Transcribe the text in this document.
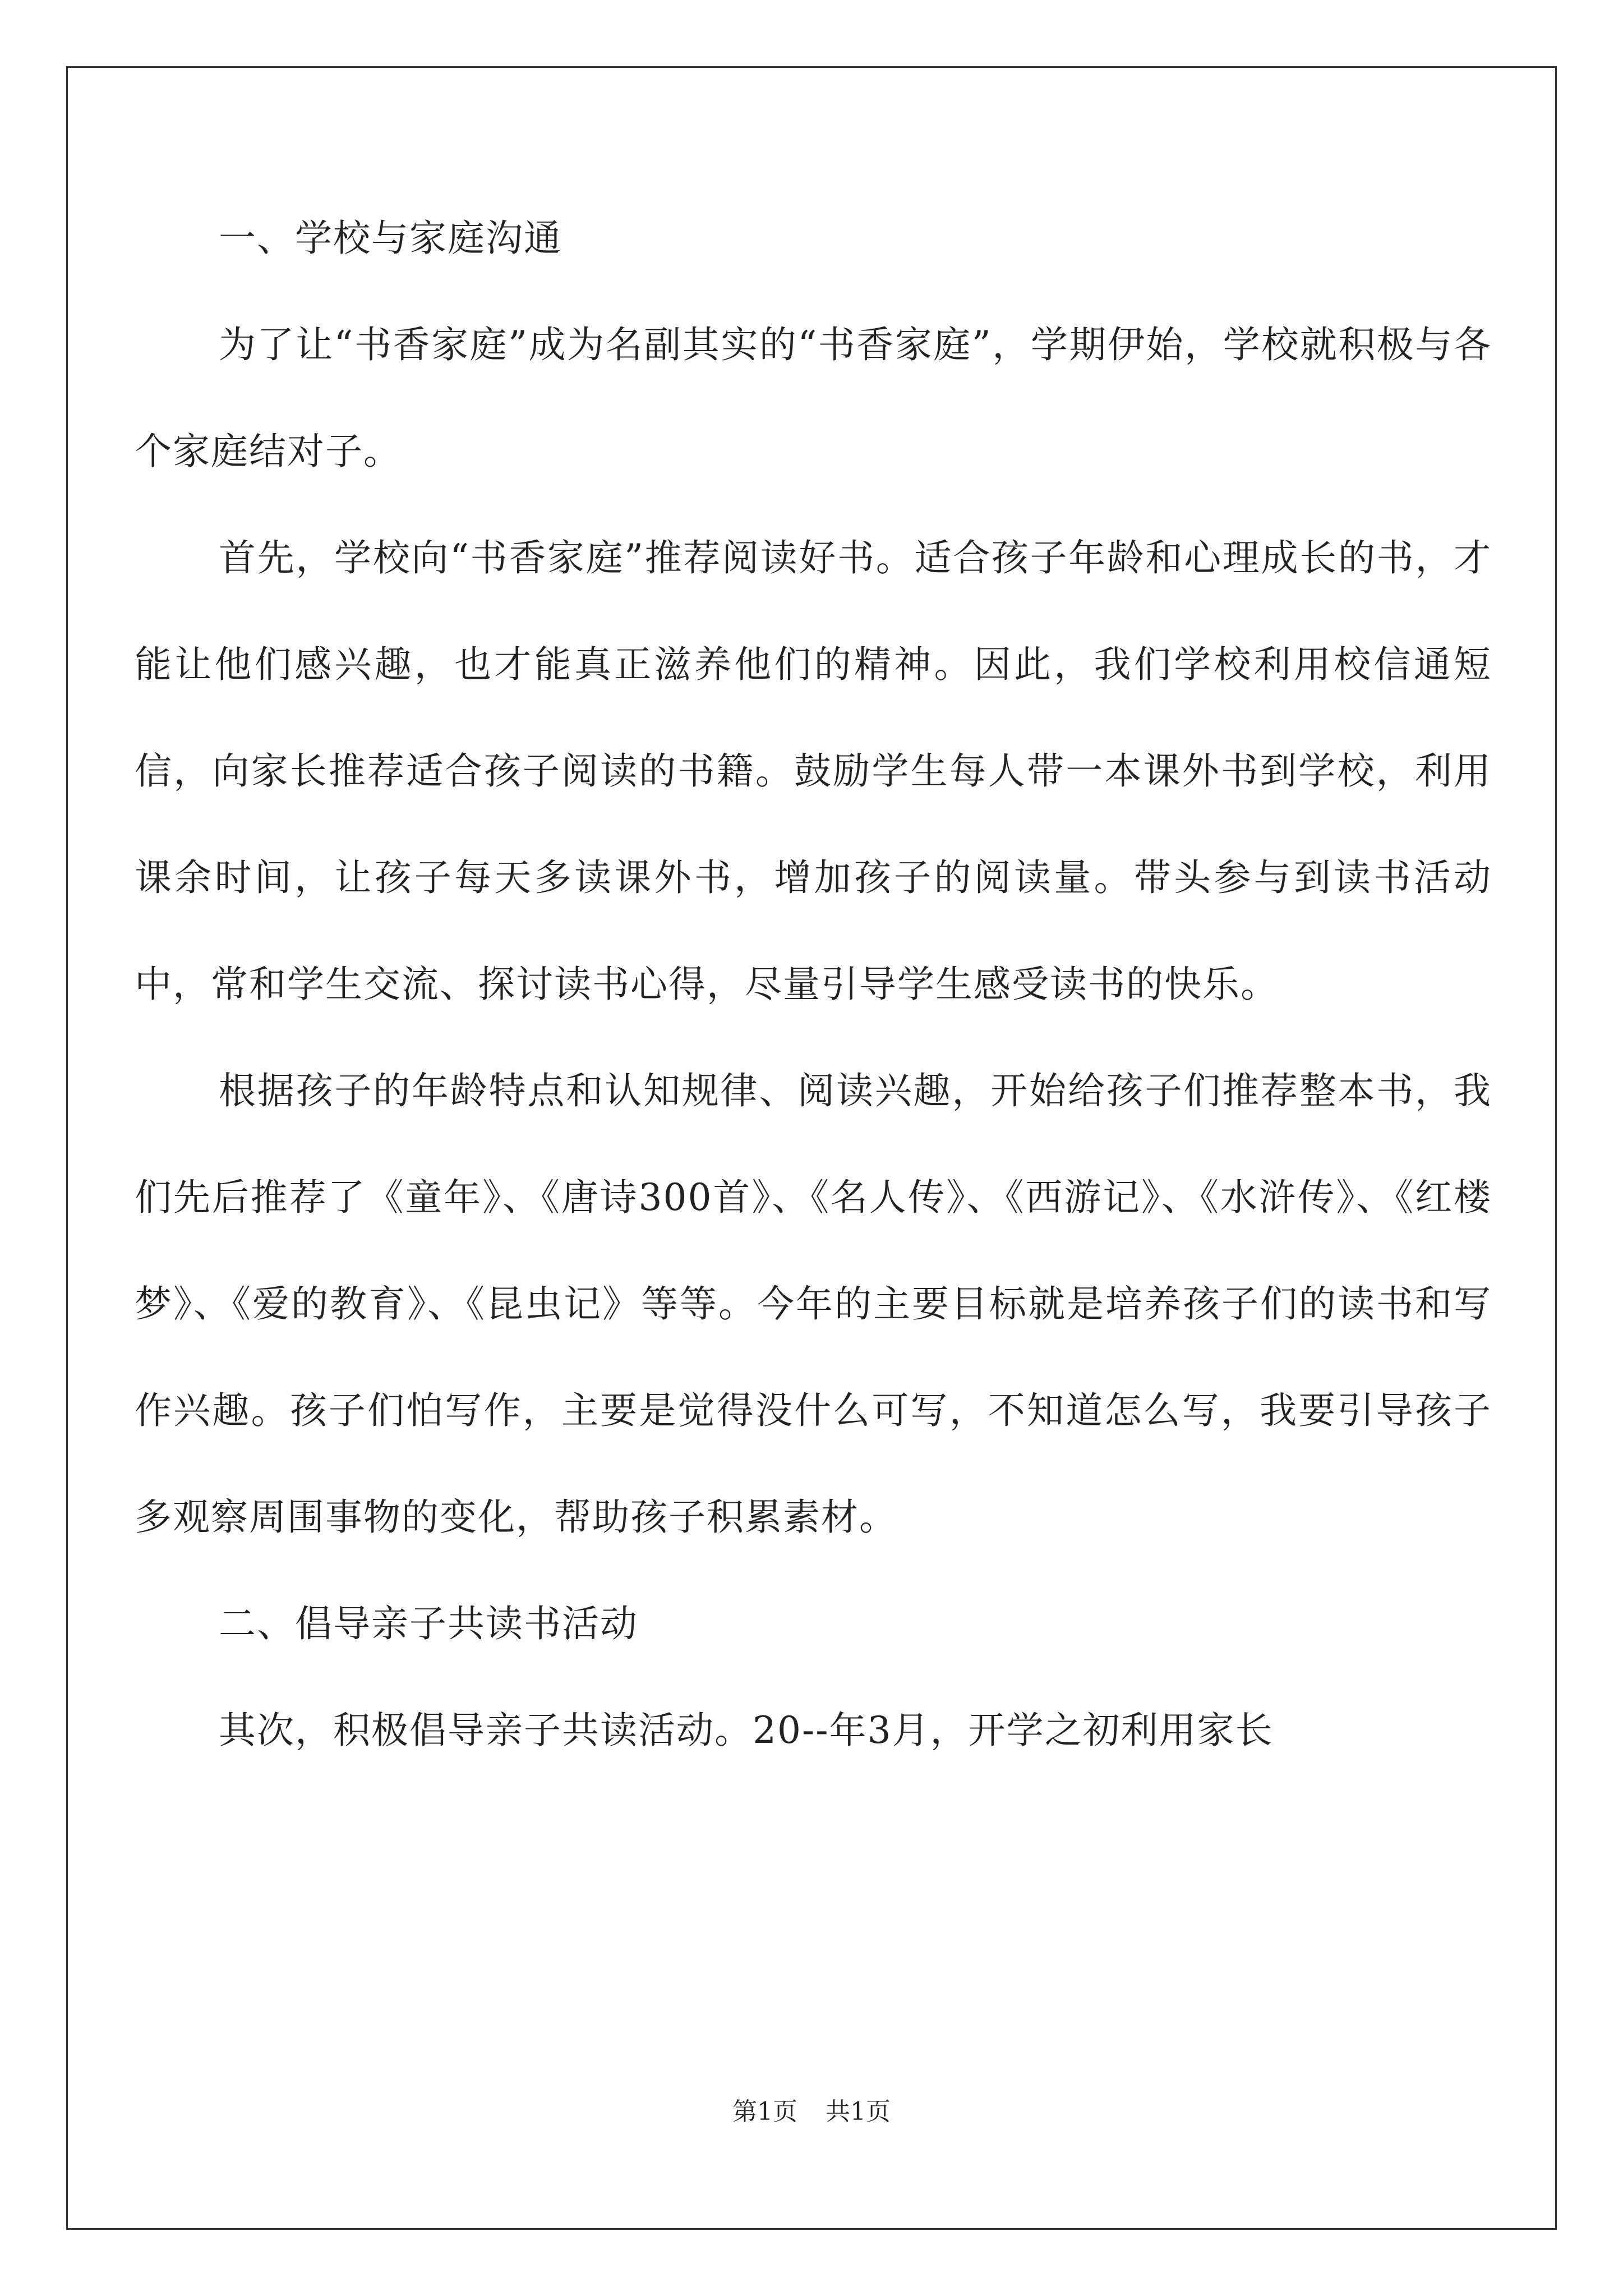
一、学校与家庭沟通

为了让“书香家庭”成为名副其实的“书香家庭”，学期伊始，学校就积极与各个家庭结对子。

首先，学校向“书香家庭”推荐阅读好书。适合孩子年龄和心理成长的书，才能让他们感兴趣，也才能真正滋养他们的精神。因此，我们学校利用校信通短信，向家长推荐适合孩子阅读的书籍。鼓励学生每人带一本课外书到学校，利用课余时间，让孩子每天多读课外书，增加孩子的阅读量。带头参与到读书活动中，常和学生交流、探讨读书心得，尽量引导学生感受读书的快乐。

根据孩子的年龄特点和认知规律、阅读兴趣，开始给孩子们推荐整本书，我们先后推荐了《童年》、《唐诗300首》、《名人传》、《西游记》、《水浒传》、《红楼梦》、《爱的教育》、《昆虫记》等等。今年的主要目标就是培养孩子们的读书和写作兴趣。孩子们怕写作，主要是觉得没什么可写，不知道怎么写，我要引导孩子多观察周围事物的变化，帮助孩子积累素材。

二、倡导亲子共读书活动

其次，积极倡导亲子共读活动。20--年3月，开学之初利用家长

第1页 共1页
